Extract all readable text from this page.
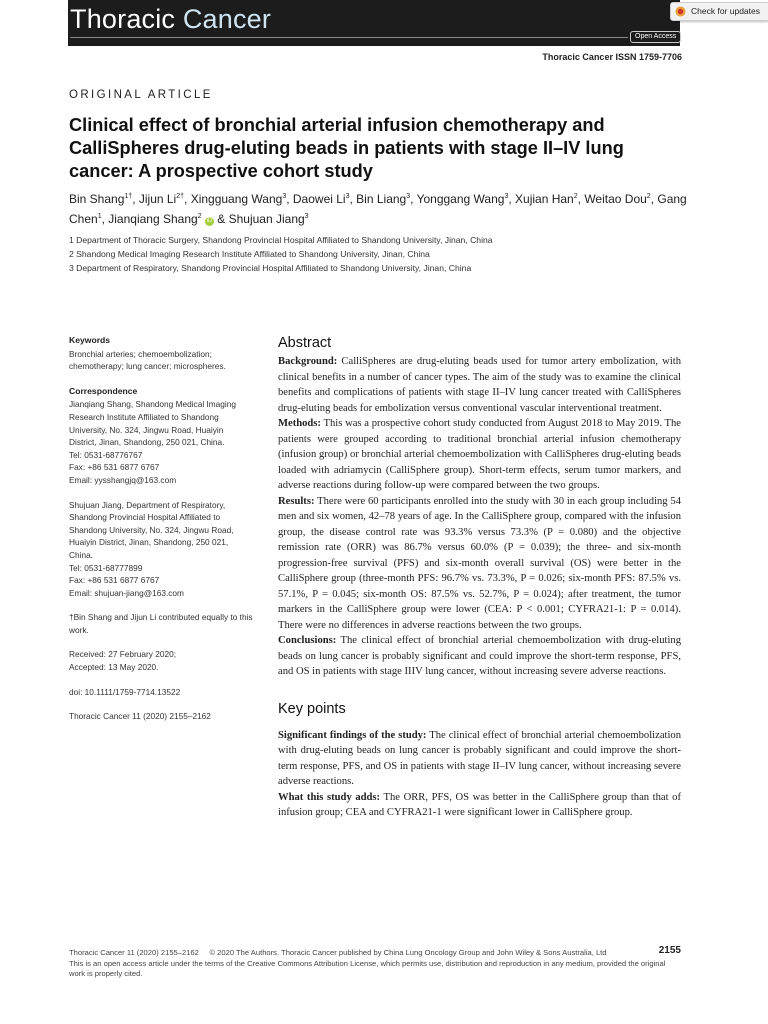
Thoracic Cancer
Open Access
Check for updates
Thoracic Cancer ISSN 1759-7706
ORIGINAL ARTICLE
Clinical effect of bronchial arterial infusion chemotherapy and CalliSpheres drug-eluting beads in patients with stage II–IV lung cancer: A prospective cohort study
Bin Shang$^{1\dagger}$, Jijun $Li^{2\dagger}$, Xingguang Wang$^3$, Daowei Li$^3$, Bin Liang$^3$, Yonggang Wang$^3$, Xujian Han$^2$, Weitao Dou$^2$, Gang Chen$^1$, Jianqiang Shang$^2$ iD & Shujuan Jiang$^3$
1 Department of Thoracic Surgery, Shandong Provincial Hospital Affiliated to Shandong University, Jinan, China
2 Shandong Medical Imaging Research Institute Affiliated to Shandong University, Jinan, China
3 Department of Respiratory, Shandong Provincial Hospital Affiliated to Shandong University, Jinan, China
Keywords

Bronchial arteries; chemoembolization; chemotherapy; lung cancer; microspheres.

Correspondence

Jianqiang Shang, Shandong Medical Imaging

Research Institute Affiliated to Shandong

University, No. 324, Jingwu Road, Huaiyin

District, Jinan, Shandong, 250 021, China.

Tel: 0531-68776767

Fax: +86 531 6877 6767

Email: yysshangjq@163.com

Shujuan Jiang, Department of Respiratory,

Shandong Provincial Hospital Affiliated to

Shandong University, No. 324, Jingwu Road,

Huaiyin District, Jinan, Shandong, 250 021,

China.

Tel: 0531-68777899

Fax: +86 531 6877 6767

Email: shujuan-jiang@163.com

†Bin Shang and Jijun Li contributed equally to this work.

Received: 27 February 2020;

Accepted: 13 May 2020.

doi: 10.1111/1759-7714.13522

Thoracic Cancer 11 (2020) 2155–2162

Abstract

Background: CalliSpheres are drug-eluting beads used for tumor artery embolization, with clinical benefits in a number of cancer types. The aim of the study was to examine the clinical benefits and complications of patients with stage II–IV lung cancer treated with CalliSpheres drug-eluting beads for embolization versus conventional vascular interventional treatment.

Methods: This was a prospective cohort study conducted from August 2018 to May 2019. The patients were grouped according to traditional bronchial arterial infusion chemotherapy (infusion group) or bronchial arterial chemoembolization with CalliSpheres drug-eluting beads loaded with adriamycin (CalliSphere group). Short-term effects, serum tumor markers, and adverse reactions during follow-up were compared between the two groups.

Results: There were 60 participants enrolled into the study with 30 in each group including 54 men and six women, 42–78 years of age. In the CalliSphere group, compared with the infusion group, the disease control rate was 93.3% versus 73.3% (P = 0.080) and the objective remission rate (ORR) was 86.7% versus 60.0% (P = 0.039); the three- and six-month progression-free survival (PFS) and six-month overall survival (OS) were better in the CalliSphere group (three-month PFS: 96.7% vs. 73.3%, P = 0.026; six-month PFS: 87.5% vs. 57.1%, P = 0.045; six-month OS: 87.5% vs. 52.7%, P = 0.024); after treatment, the tumor markers in the CalliSphere group were lower (CEA: P < 0.001; CYFRA21-1: P = 0.014). There were no differences in adverse reactions between the two groups.

Conclusions: The clinical effect of bronchial arterial chemoembolization with drug-eluting beads on lung cancer is probably significant and could improve the short-term response, PFS, and OS in patients with stage IIIV lung cancer, without increasing severe adverse reactions.

Key points

Significant findings of the study: The clinical effect of bronchial arterial chemoembolization with drug-eluting beads on lung cancer is probably significant and could improve the short-term response, PFS, and OS in patients with stage II–IV lung cancer, without increasing severe adverse reactions.

What this study adds: The ORR, PFS, OS was better in the CalliSphere group than that of infusion group; CEA and CYFRA21-1 were significant lower in CalliSphere group.

Thoracic Cancer 11 (2020) 2155–2162 © 2020 The Authors. Thoracic Cancer published by China Lung Oncology Group and John Wiley & Sons Australia, Ltd
This is an open access article under the terms of the Creative Commons Attribution License, which permits use, distribution and reproduction in any medium, provided the original work is properly cited.
2155
